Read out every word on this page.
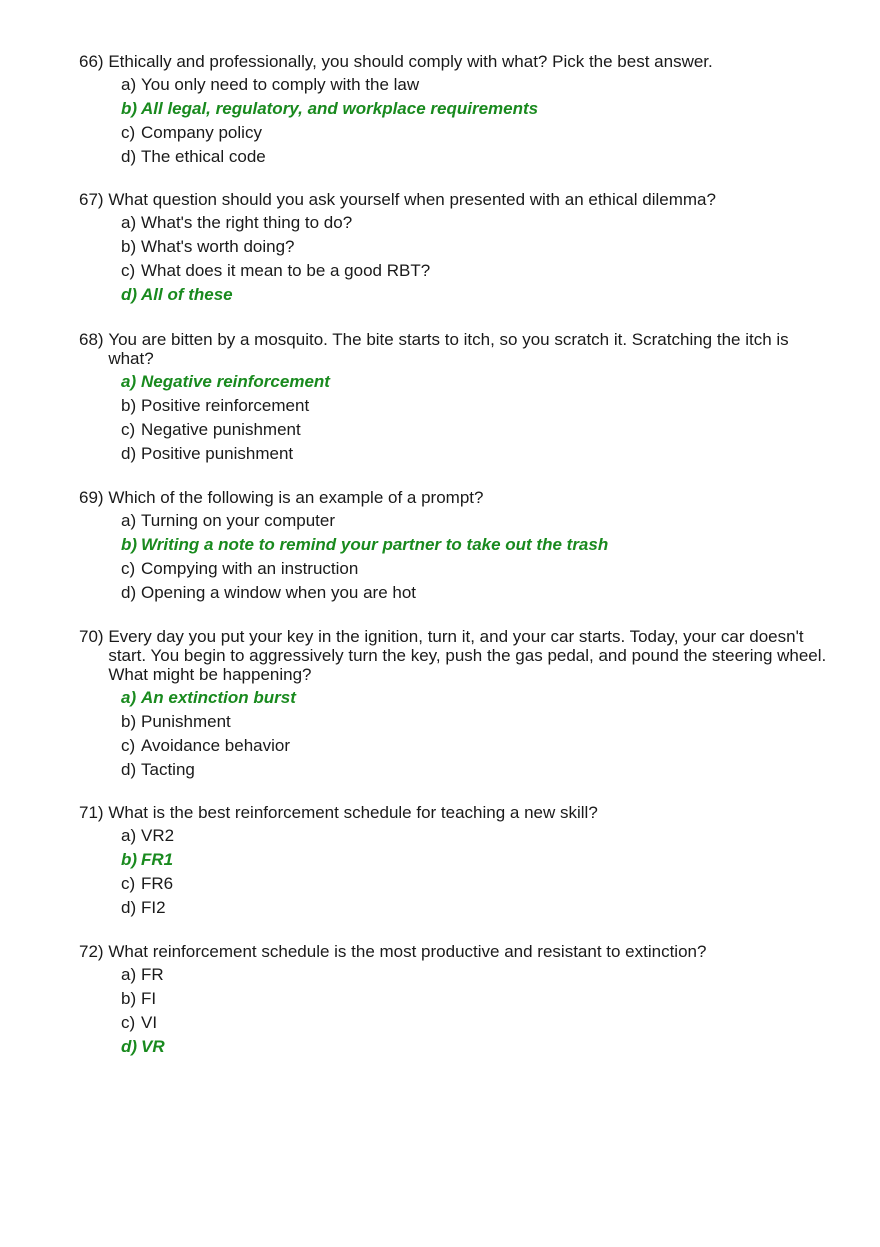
66)
Ethically and professionally, you should comply with what? Pick the best answer.
a) You only need to comply with the law
b) All legal, regulatory, and workplace requirements
c) Company policy
d) The ethical code
67)
What question should you ask yourself when presented with an ethical dilemma?
a) What's the right thing to do?
b) What's worth doing?
c) What does it mean to be a good RBT?
d) All of these
68)
You are bitten by a mosquito. The bite starts to itch, so you scratch it. Scratching the itch is what?
a) Negative reinforcement
b) Positive reinforcement
c) Negative punishment
d) Positive punishment
69)
Which of the following is an example of a prompt?
a) Turning on your computer
b) Writing a note to remind your partner to take out the trash
c) Compying with an instruction
d) Opening a window when you are hot
70)
Every day you put your key in the ignition, turn it, and your car starts. Today, your car doesn't start. You begin to aggressively turn the key, push the gas pedal, and pound the steering wheel. What might be happening?
a) An extinction burst
b) Punishment
c) Avoidance behavior
d) Tacting
71)
What is the best reinforcement schedule for teaching a new skill?
a) VR2
b) FR1
c) FR6
d) FI2
72)
What reinforcement schedule is the most productive and resistant to extinction?
a) FR
b) FI
c) VI
d) VR
